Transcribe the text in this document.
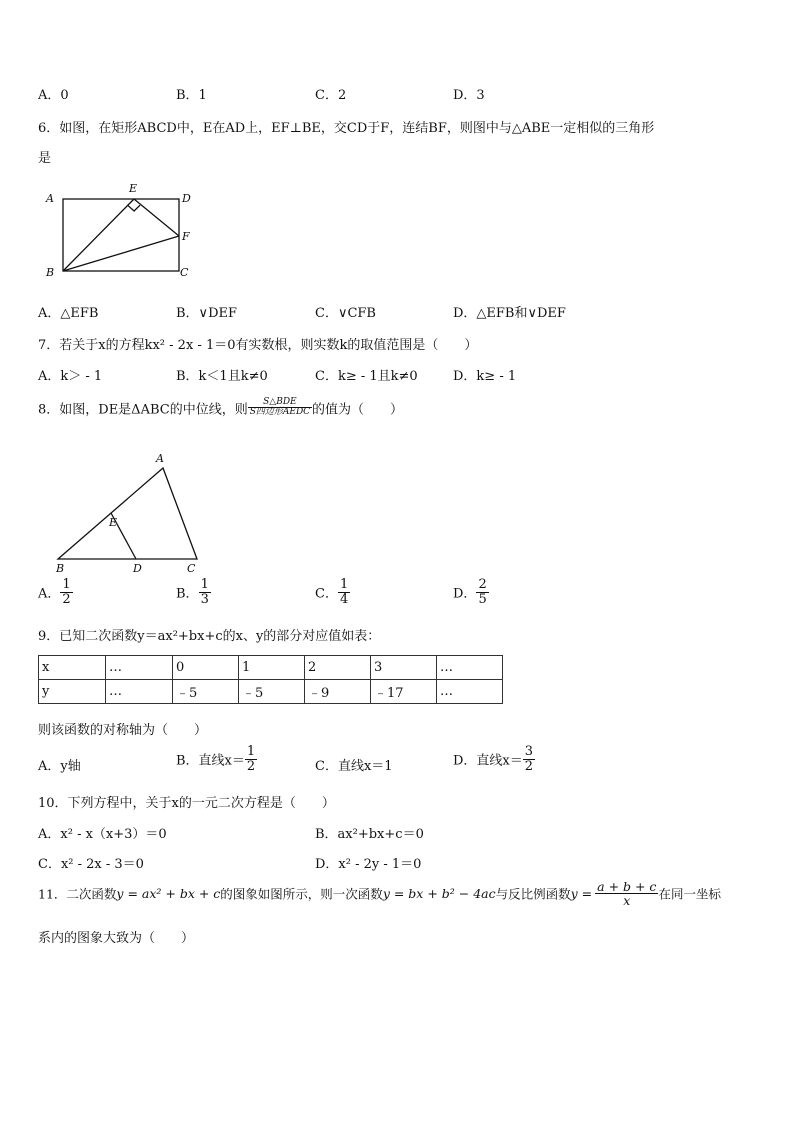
A．0	B．1	C．2	D．3
6．如图，在矩形ABCD中，E在AD上，EF⊥BE，交CD于F，连结BF，则图中与△ABE一定相似的三角形
是
A
E
D
F
B	C
A．△EFB	B．∨DEF	C．∨CFB	D．△EFB和∨DEF
7．若关于x的方程kx² - 2x - 1＝0有实数根，则实数k的取值范围是（　　）
A．k＞ - 1	B．k＜1且k≠0	C．k≥ - 1且k≠0	D．k≥ - 1
8．如图，DE是ΔABC的中位线，则 $\frac{\text{S△BDE}}{\text{S四边形AEDC}}$ 的值为（　　）
A
E
B	D	C
A． $\frac{1}{2}$	B． $\frac{1}{3}$	C． $\frac{1}{4}$	D． $\frac{2}{5}$
9．已知二次函数y＝ax²+bx+c的x、y的部分对应值如表：
x	…	0	1	2	3	…
y	…	﹣5	﹣5	﹣9	﹣17	…
则该函数的对称轴为（　　）
A．y轴	B．直线$x= \frac{1}{2}$	C．直线x＝1	D．直线$x= \frac{3}{2}$
10．下列方程中，关于x的一元二次方程是（　　）
A．x² - x（x+3）＝0	B．ax²+bx+c＝0
C．x² - 2x - 3＝0	D．x² - 2y - 1＝0
11．二次函数y = ax² + bx + c的图象如图所示，则一次函数y = bx + b² − 4ac与反比例函数$y = \frac{a + b + c}{x}$ 在同一坐标
系内的图象大致为（　　）
